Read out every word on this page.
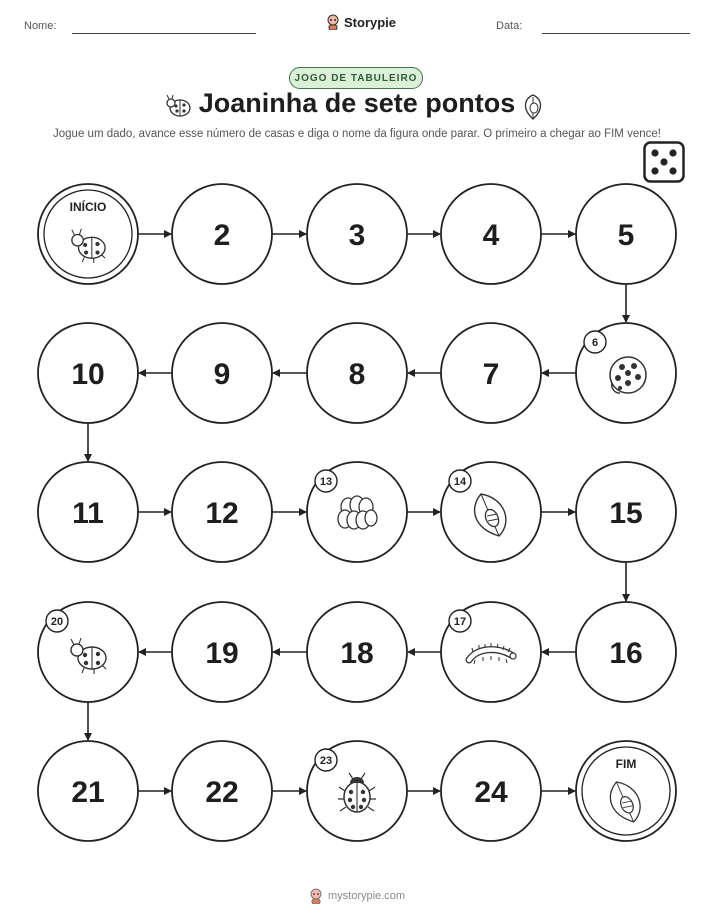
Nome:	Storypie	Data:
JOGO DE TABULEIRO
Joaninha de sete pontos
Jogue um dado, avance esse número de casas e diga o nome da figura onde parar. O primeiro a chegar ao FIM vence!
INÍCIO
2	3	4	5
6
7
8
9
10
11	12
13	14
15
16
17
18
19
20
21	22
23
24
FIM
mystorypie.com
